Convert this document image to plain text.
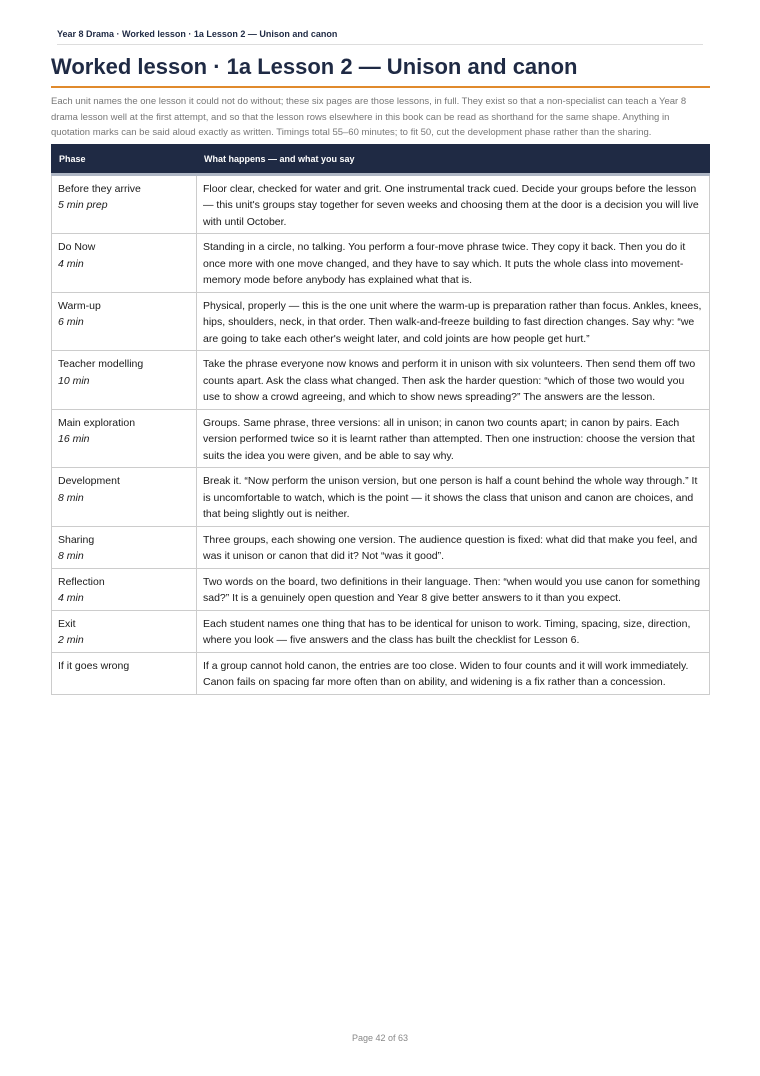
Year 8 Drama · Worked lesson · 1a Lesson 2 — Unison and canon
Worked lesson · 1a Lesson 2 — Unison and canon

Each unit names the one lesson it could not do without; these six pages are those lessons, in full. They exist so that a non-specialist can teach a Year 8 drama lesson well at the first attempt, and so that the lesson rows elsewhere in this book can be read as shorthand for the same shape. Anything in quotation marks can be said aloud exactly as written. Timings total 55–60 minutes; to fit 50, cut the development phase rather than the sharing.

Phase	What happens — and what you say

Before they arrive
5 min prep	Floor clear, checked for water and grit. One instrumental track cued. Decide your groups before the lesson — this unit's groups stay together for seven weeks and choosing them at the door is a decision you will live with until October.

Do Now
4 min	Standing in a circle, no talking. You perform a four-move phrase twice. They copy it back. Then you do it once more with one move changed, and they have to say which. It puts the whole class into movement-memory mode before anybody has explained what that is.

Warm-up
6 min	Physical, properly — this is the one unit where the warm-up is preparation rather than focus. Ankles, knees, hips, shoulders, neck, in that order. Then walk-and-freeze building to fast direction changes. Say why: “we are going to take each other's weight later, and cold joints are how people get hurt.”

Teacher modelling
10 min	Take the phrase everyone now knows and perform it in unison with six volunteers. Then send them off two counts apart. Ask the class what changed. Then ask the harder question: “which of those two would you use to show a crowd agreeing, and which to show news spreading?” The answers are the lesson.

Main exploration
16 min	Groups. Same phrase, three versions: all in unison; in canon two counts apart; in canon by pairs. Each version performed twice so it is learnt rather than attempted. Then one instruction: choose the version that suits the idea you were given, and be able to say why.

Development
8 min	Break it. “Now perform the unison version, but one person is half a count behind the whole way through.” It is uncomfortable to watch, which is the point — it shows the class that unison and canon are choices, and that being slightly out is neither.

Sharing
8 min	Three groups, each showing one version. The audience question is fixed: what did that make you feel, and was it unison or canon that did it? Not “was it good”.

Reflection
4 min	Two words on the board, two definitions in their language. Then: “when would you use canon for something sad?” It is a genuinely open question and Year 8 give better answers to it than you expect.

Exit
2 min	Each student names one thing that has to be identical for unison to work. Timing, spacing, size, direction, where you look — five answers and the class has built the checklist for Lesson 6.

If it goes wrong	If a group cannot hold canon, the entries are too close. Widen to four counts and it will work immediately. Canon fails on spacing far more often than on ability, and widening is a fix rather than a concession.
Page 42 of 63
